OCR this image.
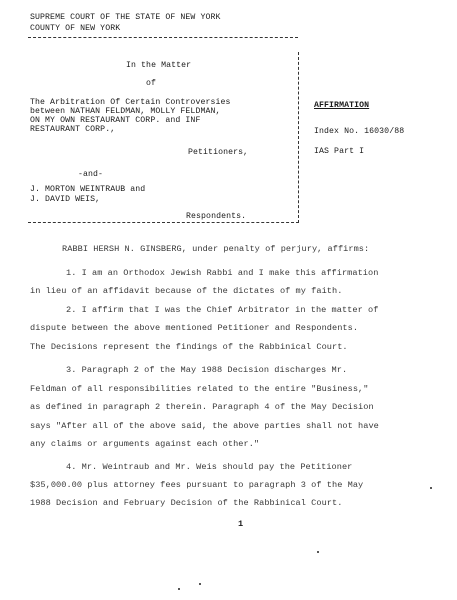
SUPREME COURT OF THE STATE OF NEW YORK
COUNTY OF NEW YORK
In the Matter
of
The Arbitration Of Certain Controversies
between NATHAN FELDMAN, MOLLY FELDMAN,
ON MY OWN RESTAURANT CORP. and INF
RESTAURANT CORP.,
Petitioners,
-and-
J. MORTON WEINTRAUB and
J. DAVID WEIS,
Respondents.
AFFIRMATION
Index No. 16030/88
IAS Part I
RABBI HERSH N. GINSBERG, under penalty of perjury, affirms:
1. I am an Orthodox Jewish Rabbi and I make this affirmation
in lieu of an affidavit because of the dictates of my faith.
2. I affirm that I was the Chief Arbitrator in the matter of
dispute between the above mentioned Petitioner and Respondents.
The Decisions represent the findings of the Rabbinical Court.
3. Paragraph 2 of the May 1988 Decision discharges Mr.
Feldman of all responsibilities related to the entire "Business,"
as defined in paragraph 2 therein. Paragraph 4 of the May Decision
says "After all of the above said, the above parties shall not have
any claims or arguments against each other."
4. Mr. Weintraub and Mr. Weis should pay the Petitioner
$35,000.00 plus attorney fees pursuant to paragraph 3 of the May
1988 Decision and February Decision of the Rabbinical Court.
1
